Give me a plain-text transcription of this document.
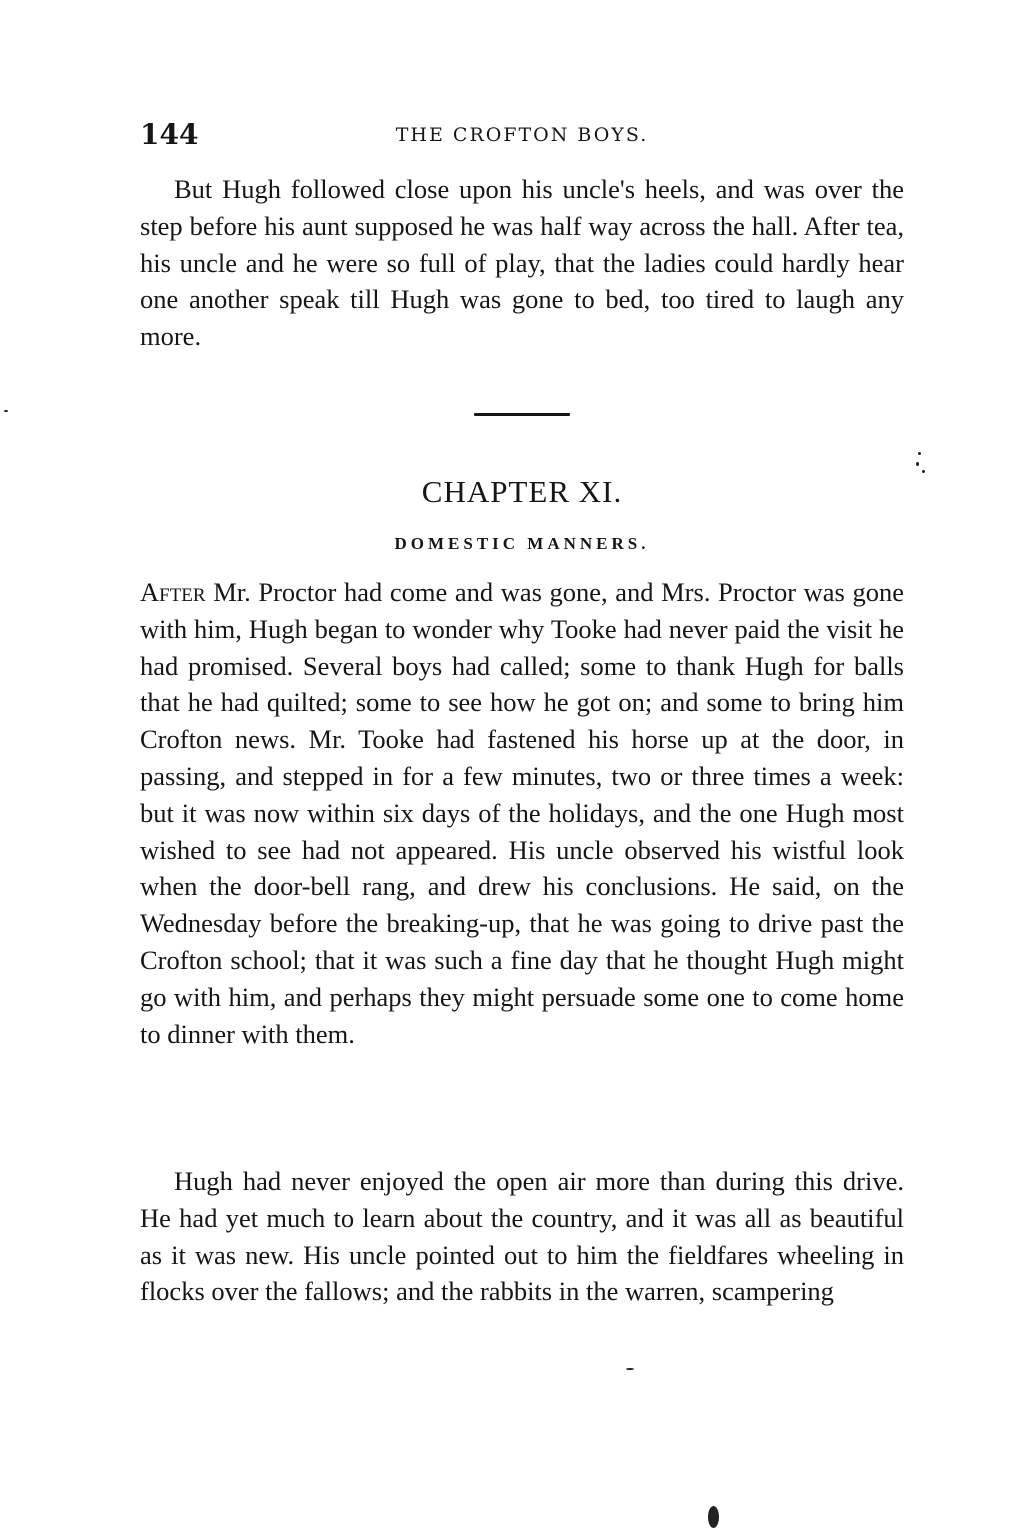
144	THE CROFTON BOYS.

But Hugh followed close upon his uncle's heels, and was over the step before his aunt supposed he was half way across the hall. After tea, his uncle and he were so full of play, that the ladies could hardly hear one another speak till Hugh was gone to bed, too tired to laugh any more.

CHAPTER XI.
DOMESTIC MANNERS.

After Mr. Proctor had come and was gone, and Mrs. Proctor was gone with him, Hugh began to wonder why Tooke had never paid the visit he had promised. Several boys had called; some to thank Hugh for balls that he had quilted; some to see how he got on; and some to bring him Crofton news. Mr. Tooke had fastened his horse up at the door, in passing, and stepped in for a few minutes, two or three times a week: but it was now within six days of the holidays, and the one Hugh most wished to see had not appeared. His uncle observed his wistful look when the door-bell rang, and drew his conclusions. He said, on the Wednesday before the breaking-up, that he was going to drive past the Crofton school; that it was such a fine day that he thought Hugh might go with him, and perhaps they might persuade some one to come home to dinner with them.

Hugh had never enjoyed the open air more than during this drive. He had yet much to learn about the country, and it was all as beautiful as it was new. His uncle pointed out to him the fieldfares wheeling in flocks over the fallows; and the rabbits in the warren, scampering
